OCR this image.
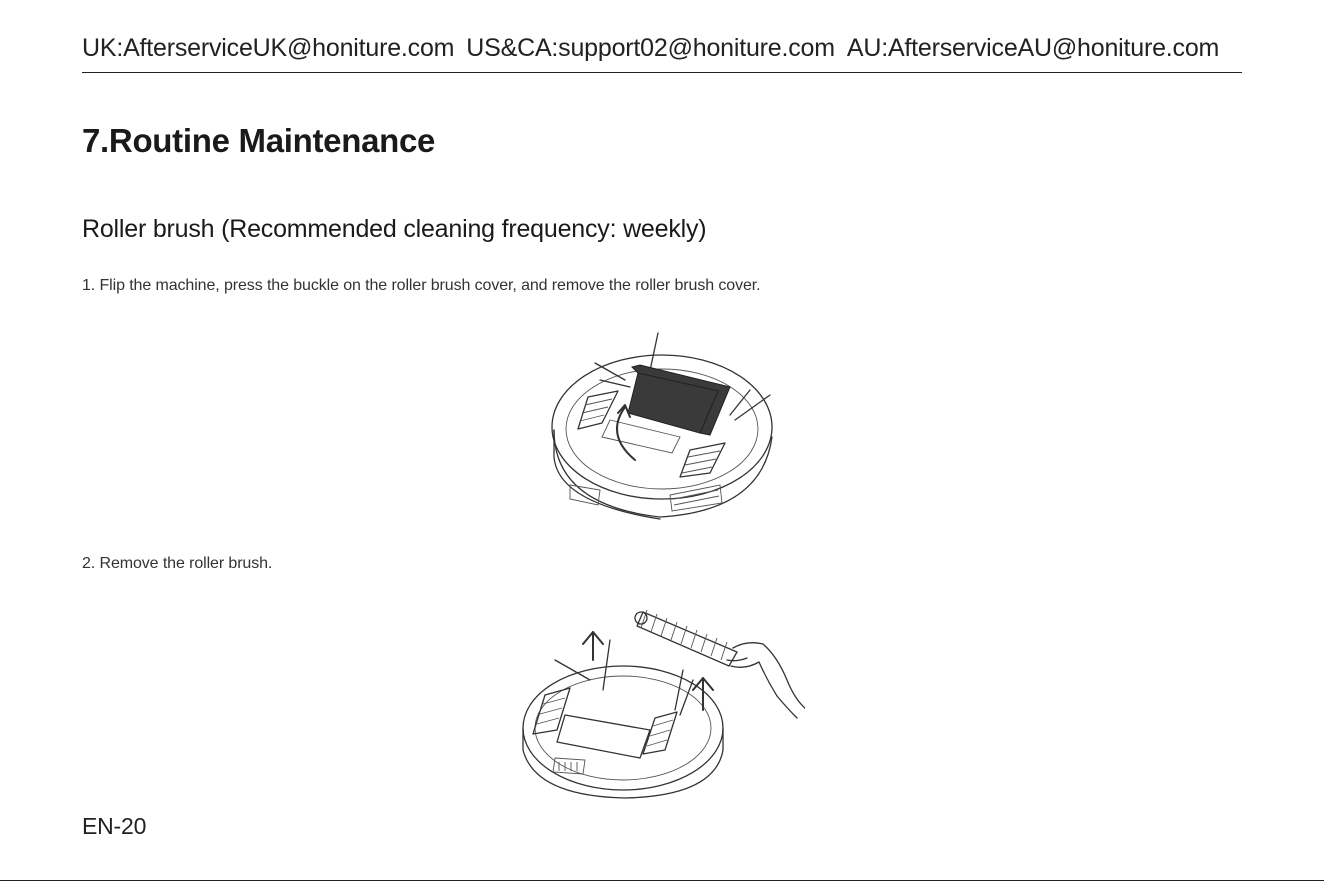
UK:AfterserviceUK@honiture.com US&CA:support02@honiture.com AU:AfterserviceAU@honiture.com
7.Routine Maintenance
Roller brush (Recommended cleaning frequency: weekly)

1. Flip the machine, press the buckle on the roller brush cover, and remove the roller brush cover.

2. Remove the roller brush.

EN-20
